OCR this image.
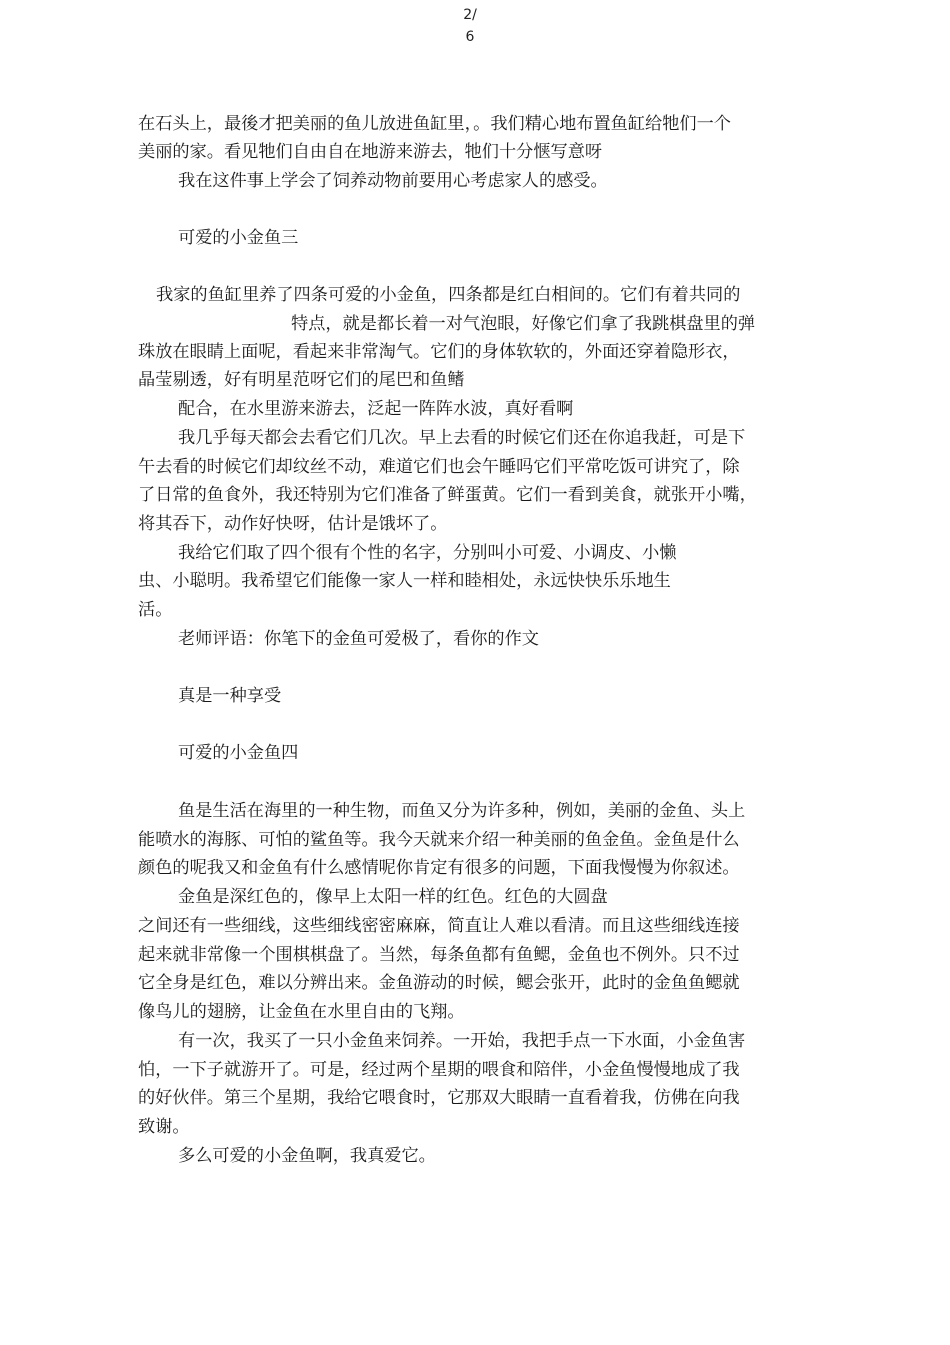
2/
6
在石头上，最後才把美丽的鱼儿放进鱼缸里，。我们精心地布置鱼缸给牠们一个
美丽的家。看见牠们自由自在地游来游去，牠们十分惬写意呀
我在这件事上学会了饲养动物前要用心考虑家人的感受。
可爱的小金鱼三
我家的鱼缸里养了四条可爱的小金鱼，四条都是红白相间的。它们有着共同的
特点，就是都长着一对气泡眼，好像它们拿了我跳棋盘里的弹
珠放在眼睛上面呢，看起来非常淘气。它们的身体软软的，外面还穿着隐形衣，
晶莹剔透，好有明星范呀它们的尾巴和鱼鳍
配合，在水里游来游去，泛起一阵阵水波，真好看啊
我几乎每天都会去看它们几次。早上去看的时候它们还在你追我赶，可是下
午去看的时候它们却纹丝不动，难道它们也会午睡吗它们平常吃饭可讲究了，除
了日常的鱼食外，我还特别为它们准备了鲜蛋黄。它们一看到美食，就张开小嘴，
将其吞下，动作好快呀，估计是饿坏了。
我给它们取了四个很有个性的名字，分别叫小可爱、小调皮、小懒
虫、小聪明。我希望它们能像一家人一样和睦相处，永远快快乐乐地生
活。
老师评语：你笔下的金鱼可爱极了，看你的作文
真是一种享受
可爱的小金鱼四
鱼是生活在海里的一种生物，而鱼又分为许多种，例如，美丽的金鱼、头上
能喷水的海豚、可怕的鲨鱼等。我今天就来介绍一种美丽的鱼金鱼。金鱼是什么
颜色的呢我又和金鱼有什么感情呢你肯定有很多的问题，下面我慢慢为你叙述。
金鱼是深红色的，像早上太阳一样的红色。红色的大圆盘
之间还有一些细线，这些细线密密麻麻，简直让人难以看清。而且这些细线连接
起来就非常像一个围棋棋盘了。当然，每条鱼都有鱼鳃，金鱼也不例外。只不过
它全身是红色，难以分辨出来。金鱼游动的时候，鳃会张开，此时的金鱼鱼鳃就
像鸟儿的翅膀，让金鱼在水里自由的飞翔。
有一次，我买了一只小金鱼来饲养。一开始，我把手点一下水面，小金鱼害
怕，一下子就游开了。可是，经过两个星期的喂食和陪伴，小金鱼慢慢地成了我
的好伙伴。第三个星期，我给它喂食时，它那双大眼睛一直看着我，仿佛在向我
致谢。
多么可爱的小金鱼啊，我真爱它。
